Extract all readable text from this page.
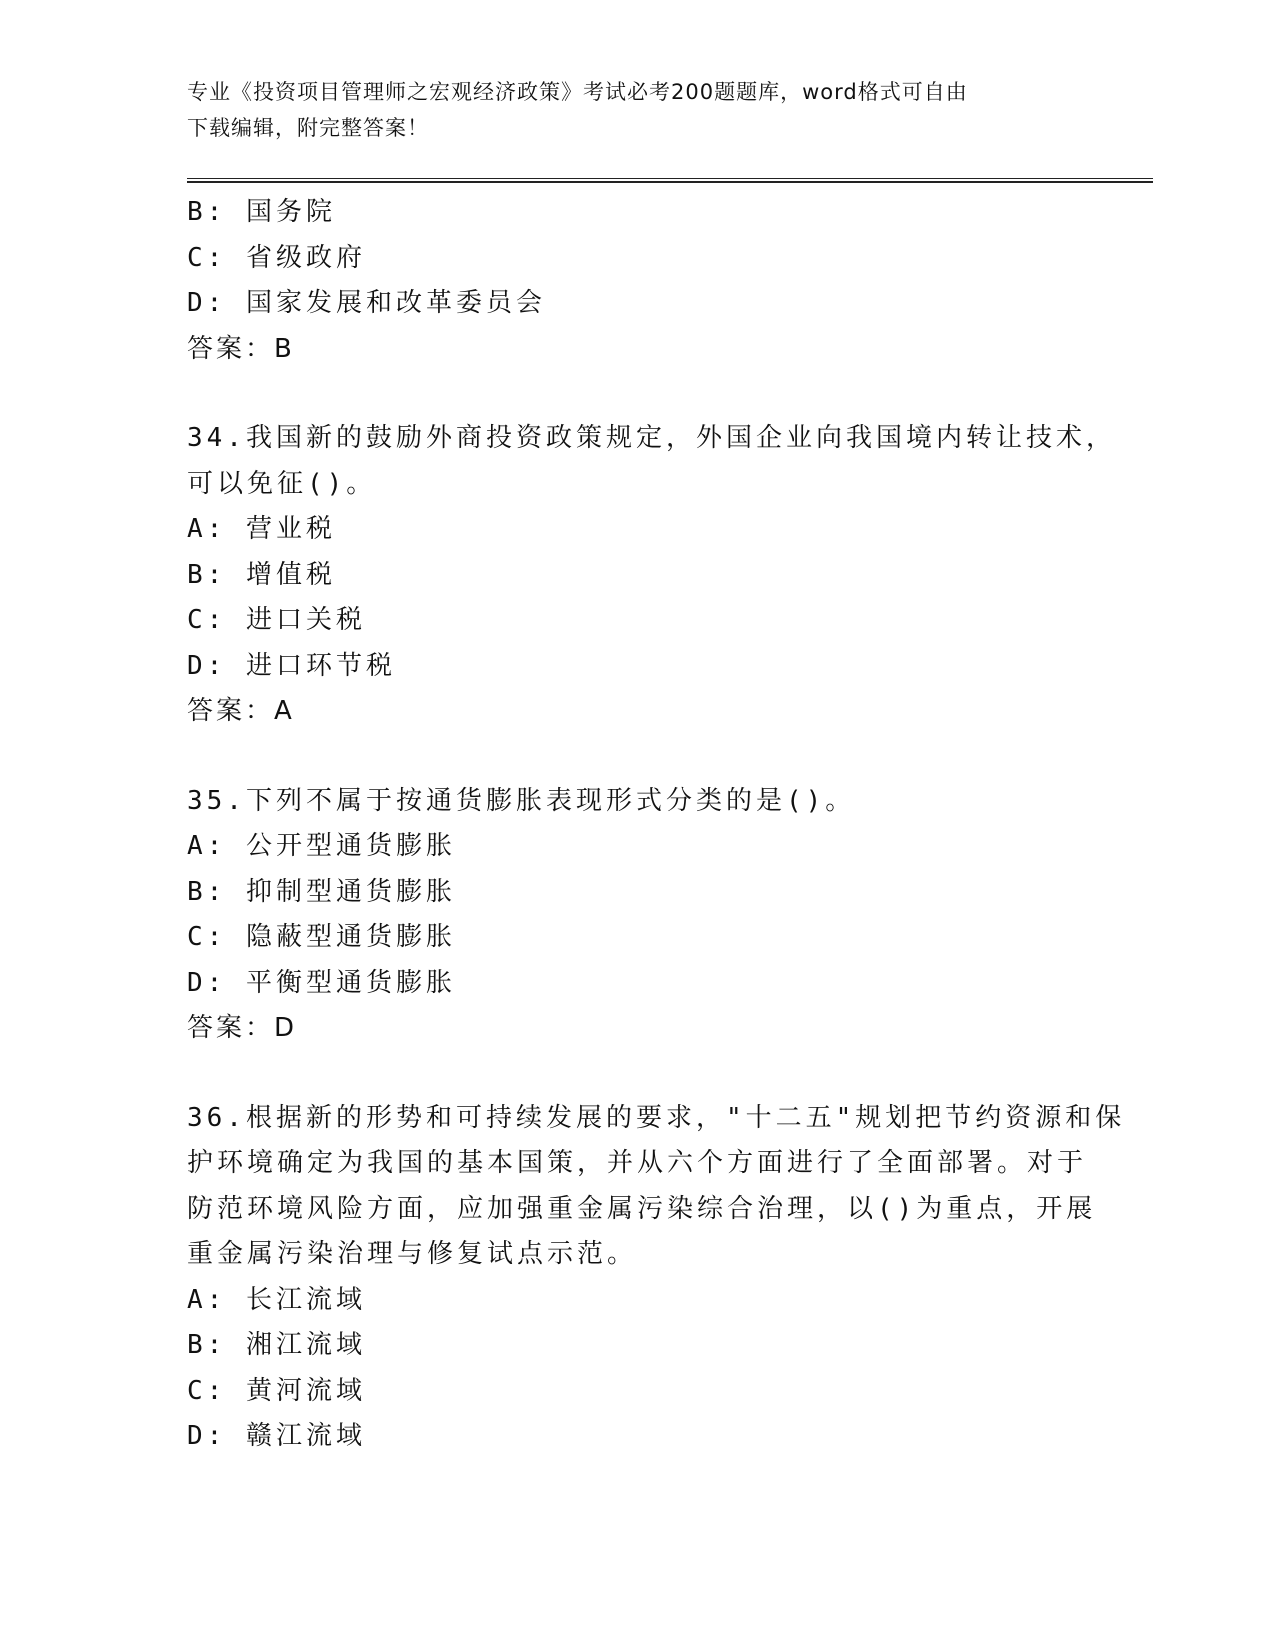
专业《投资项目管理师之宏观经济政策》考试必考200题题库，word格式可自由
下载编辑，附完整答案！
B: 国务院
C: 省级政府
D: 国家发展和改革委员会
答案：B
34.我国新的鼓励外商投资政策规定，外国企业向我国境内转让技术，
可以免征()。
A: 营业税
B: 增值税
C: 进口关税
D: 进口环节税
答案：A
35.下列不属于按通货膨胀表现形式分类的是()。
A: 公开型通货膨胀
B: 抑制型通货膨胀
C: 隐蔽型通货膨胀
D: 平衡型通货膨胀
答案：D
36.根据新的形势和可持续发展的要求，"十二五"规划把节约资源和保
护环境确定为我国的基本国策，并从六个方面进行了全面部署。对于
防范环境风险方面，应加强重金属污染综合治理，以()为重点，开展
重金属污染治理与修复试点示范。
A: 长江流域
B: 湘江流域
C: 黄河流域
D: 赣江流域
